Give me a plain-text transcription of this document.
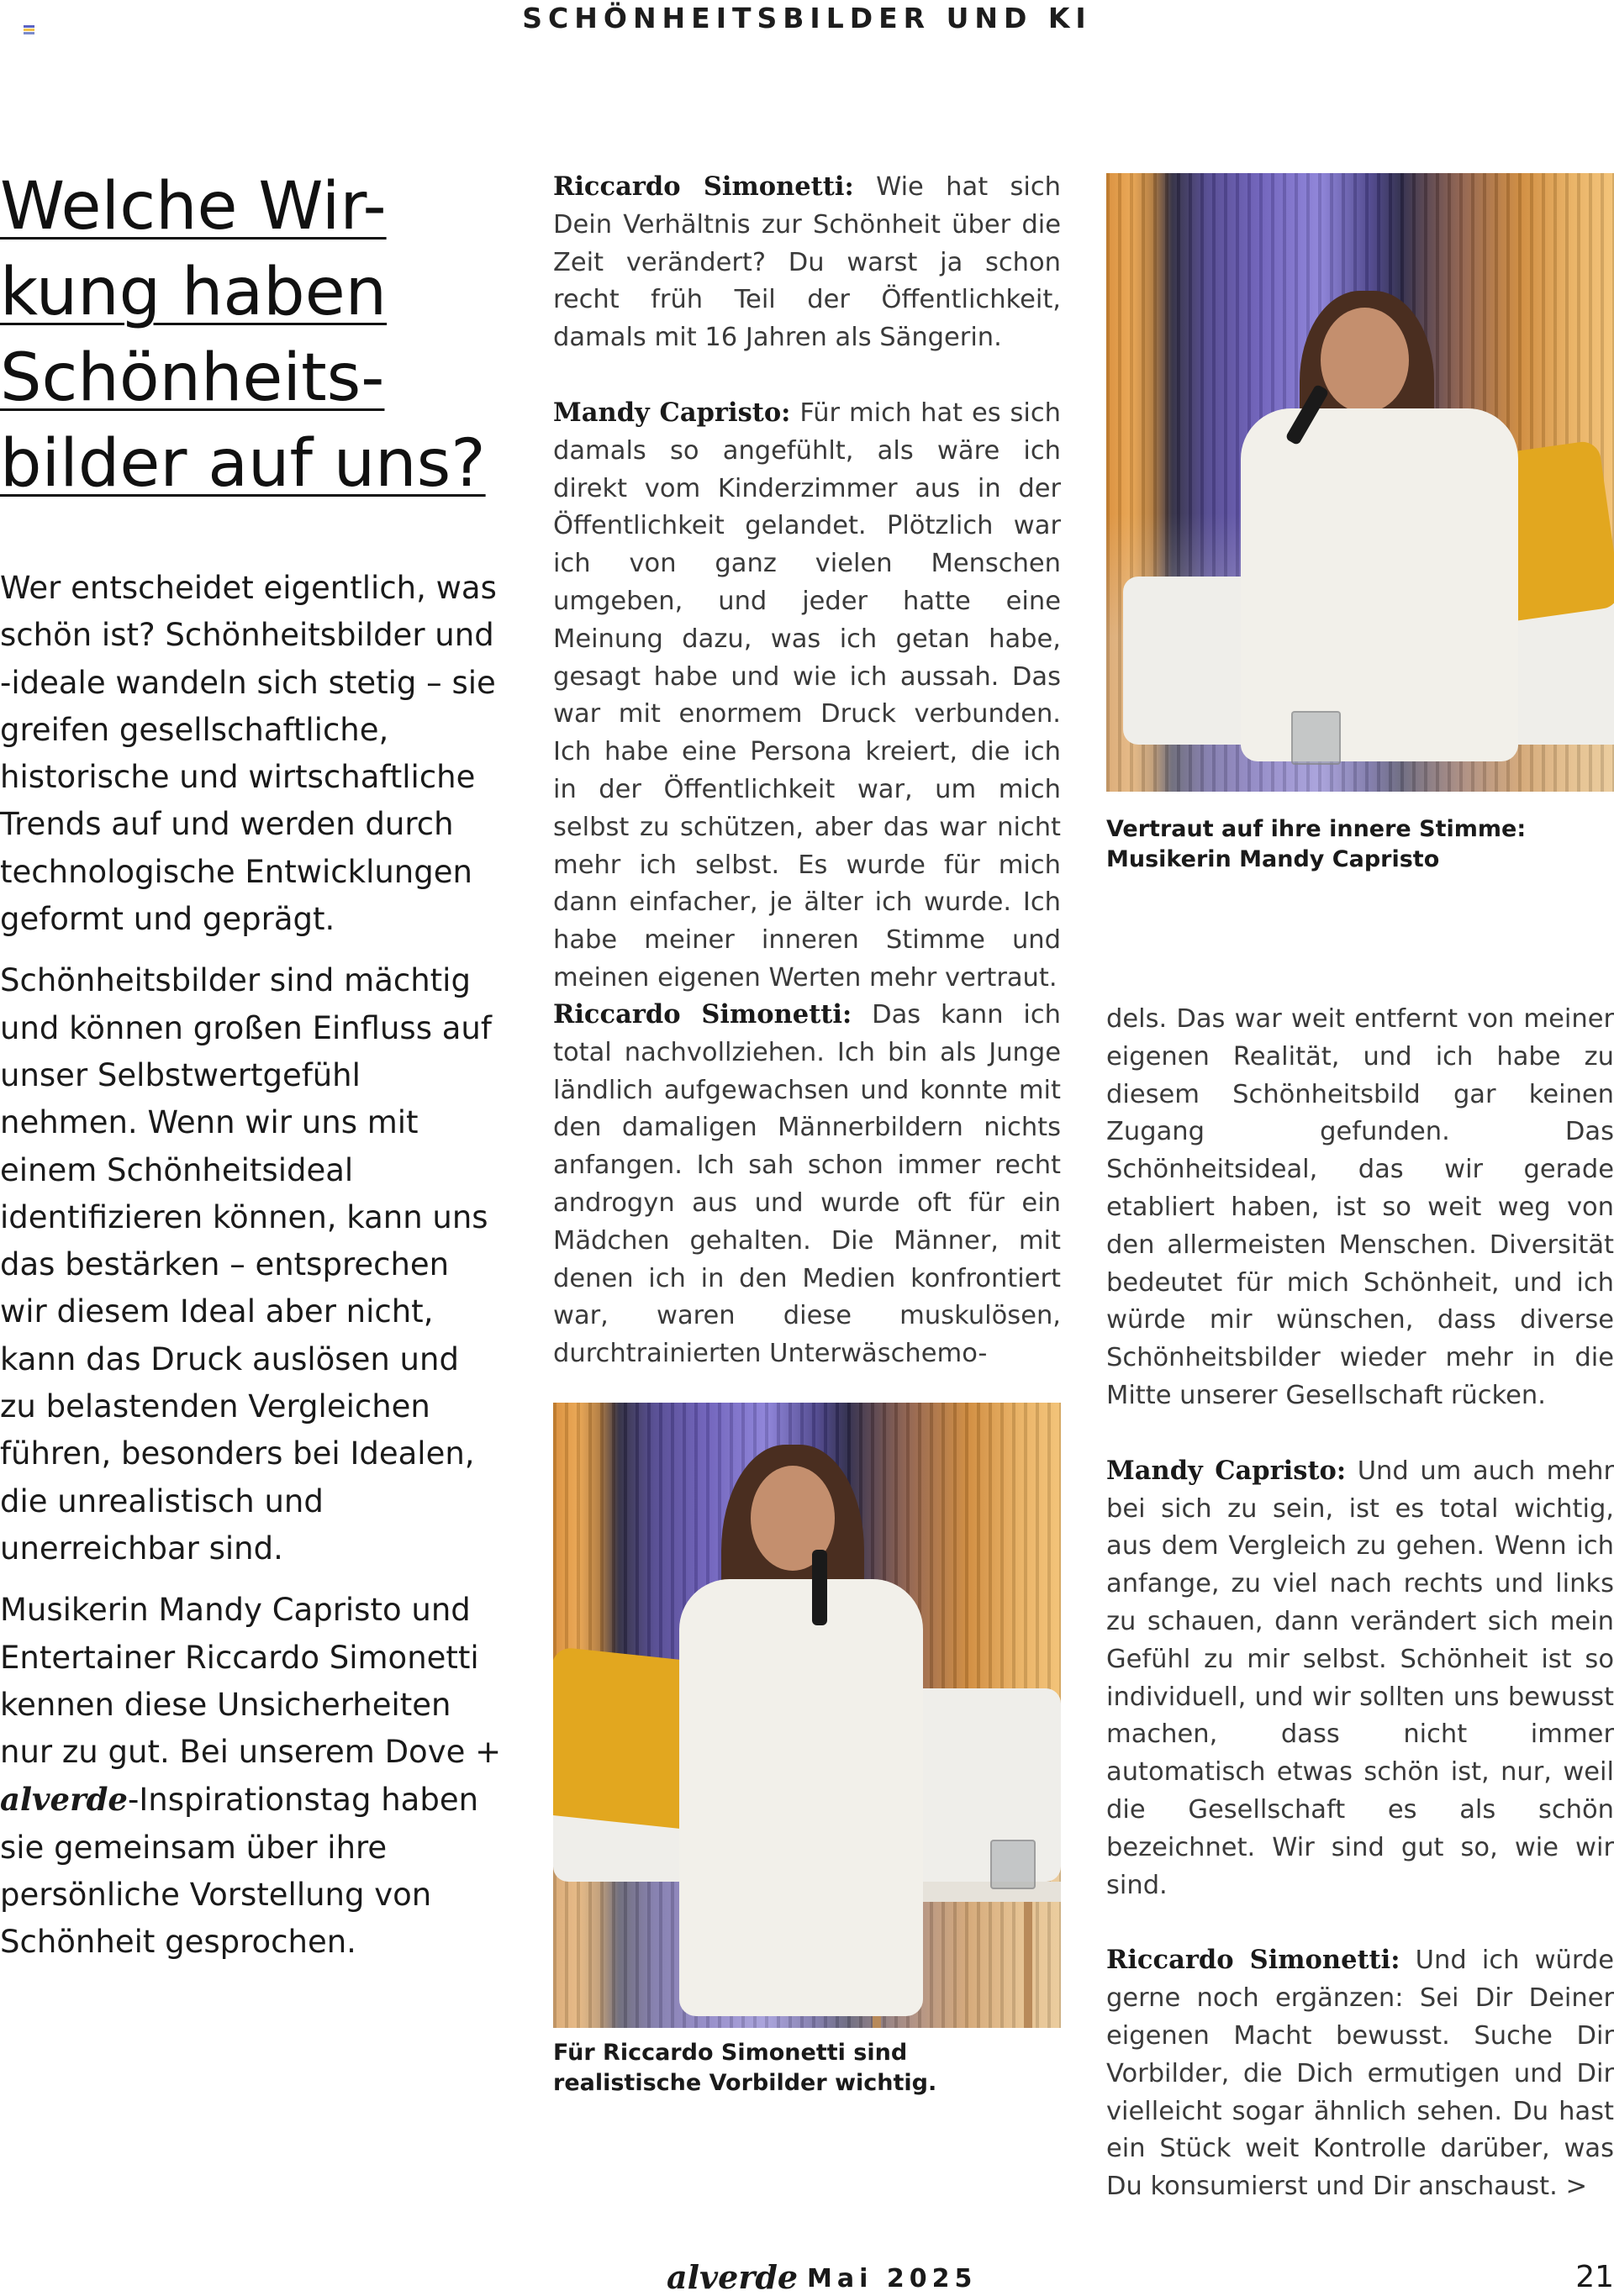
SCHÖNHEITSBILDER UND KI
Welche Wir-
kung haben
Schönheits-
bilder auf uns?

Wer entscheidet eigentlich, was schön ist? Schönheitsbilder und -ideale wandeln sich stetig – sie greifen gesellschaftliche, historische und wirtschaftliche Trends auf und werden durch technologische Entwicklungen geformt und geprägt.

Schönheitsbilder sind mächtig und können großen Einfluss auf unser Selbstwertgefühl nehmen. Wenn wir uns mit einem Schönheitsideal identifizieren können, kann uns das bestärken – entsprechen wir diesem Ideal aber nicht, kann das Druck auslösen und zu belastenden Vergleichen führen, besonders bei Idealen, die unrealistisch und unerreichbar sind.

Musikerin Mandy Capristo und Entertainer Riccardo Simonetti kennen diese Unsicherheiten nur zu gut. Bei unserem Dove + alverde-Inspirationstag haben sie gemeinsam über ihre persönliche Vorstellung von Schönheit gesprochen.

Riccardo Simonetti: Wie hat sich Dein Verhältnis zur Schönheit über die Zeit verändert? Du warst ja schon recht früh Teil der Öffentlichkeit, damals mit 16 Jahren als Sängerin.

Mandy Capristo: Für mich hat es sich damals so angefühlt, als wäre ich direkt vom Kinderzimmer aus in der Öffentlichkeit gelandet. Plötzlich war ich von ganz vielen Menschen umgeben, und jeder hatte eine Meinung dazu, was ich getan habe, gesagt habe und wie ich aussah. Das war mit enormem Druck verbunden. Ich habe eine Persona kreiert, die ich in der Öffentlichkeit war, um mich selbst zu schützen, aber das war nicht mehr ich selbst. Es wurde für mich dann einfacher, je älter ich wurde. Ich habe meiner inneren Stimme und meinen eigenen Werten mehr vertraut.

Riccardo Simonetti: Das kann ich total nachvollziehen. Ich bin als Junge ländlich aufgewachsen und konnte mit den damaligen Männerbildern nichts anfangen. Ich sah schon immer recht androgyn aus und wurde oft für ein Mädchen gehalten. Die Männer, mit denen ich in den Medien konfrontiert war, waren diese muskulösen, durchtrainierten Unterwäschemo-

Vertraut auf ihre innere Stimme: Musikerin Mandy Capristo

dels. Das war weit entfernt von meiner eigenen Realität, und ich habe zu diesem Schönheitsbild gar keinen Zugang gefunden. Das Schönheitsideal, das wir gerade etabliert haben, ist so weit weg von den allermeisten Menschen. Diversität bedeutet für mich Schönheit, und ich würde mir wünschen, dass diverse Schönheitsbilder wieder mehr in die Mitte unserer Gesellschaft rücken.

Mandy Capristo: Und um auch mehr bei sich zu sein, ist es total wichtig, aus dem Vergleich zu gehen. Wenn ich anfange, zu viel nach rechts und links zu schauen, dann verändert sich mein Gefühl zu mir selbst. Schönheit ist so individuell, und wir sollten uns bewusst machen, dass nicht immer automatisch etwas schön ist, nur, weil die Gesellschaft es als schön bezeichnet. Wir sind gut so, wie wir sind.

Riccardo Simonetti: Und ich würde gerne noch ergänzen: Sei Dir Deiner eigenen Macht bewusst. Suche Dir Vorbilder, die Dich ermutigen und Dir vielleicht sogar ähnlich sehen. Du hast ein Stück weit Kontrolle darüber, was Du konsumierst und Dir anschaust. >

Für Riccardo Simonetti sind realistische Vorbilder wichtig.
alverde Mai 2025	21
